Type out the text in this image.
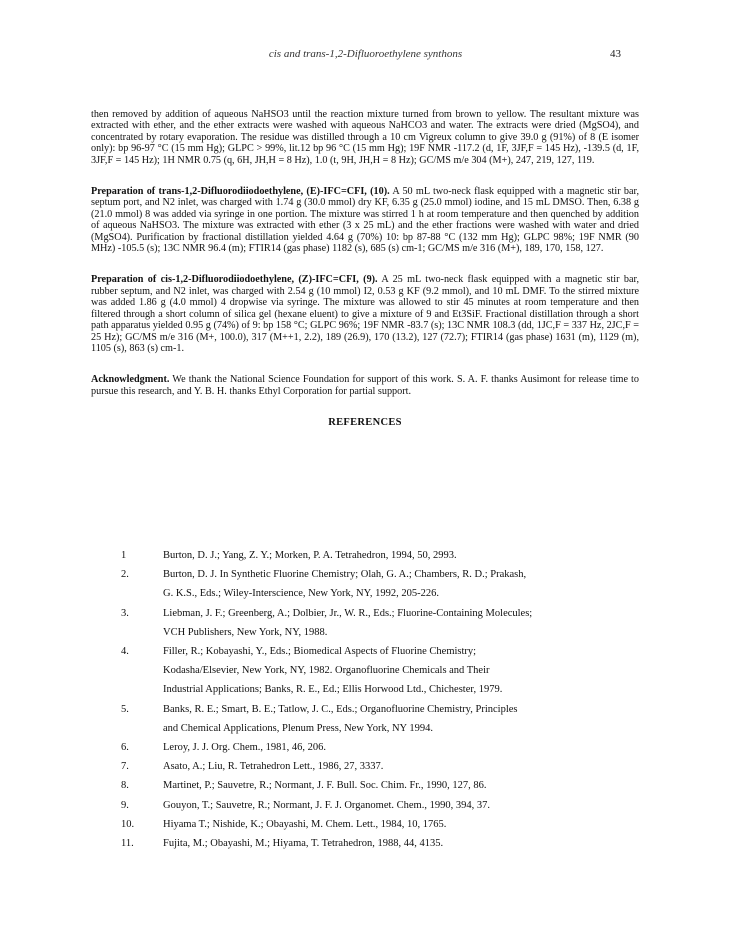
cis and trans-1,2-Difluoroethylene synthons	43

then removed by addition of aqueous NaHSO3 until the reaction mixture turned from brown to yellow. The resultant mixture was extracted with ether, and the ether extracts were washed with aqueous NaHCO3 and water. The extracts were dried (MgSO4), and concentrated by rotary evaporation. The residue was distilled through a 10 cm Vigreux column to give 39.0 g (91%) of 8 (E isomer only): bp 96-97 °C (15 mm Hg); GLPC > 99%, lit.12 bp 96 °C (15 mm Hg); 19F NMR -117.2 (d, 1F, 3JF,F = 145 Hz), -139.5 (d, 1F, 3JF,F = 145 Hz); 1H NMR 0.75 (q, 6H, JH,H = 8 Hz), 1.0 (t, 9H, JH,H = 8 Hz); GC/MS m/e 304 (M+), 247, 219, 127, 119.

Preparation of trans-1,2-Difluorodiiodoethylene, (E)-IFC=CFI, (10). A 50 mL two-neck flask equipped with a magnetic stir bar, septum port, and N2 inlet, was charged with 1.74 g (30.0 mmol) dry KF, 6.35 g (25.0 mmol) iodine, and 15 mL DMSO. Then, 6.38 g (21.0 mmol) 8 was added via syringe in one portion. The mixture was stirred 1 h at room temperature and then quenched by addition of aqueous NaHSO3. The mixture was extracted with ether (3 x 25 mL) and the ether fractions were washed with water and dried (MgSO4). Purification by fractional distillation yielded 4.64 g (70%) 10: bp 87-88 °C (132 mm Hg); GLPC 98%; 19F NMR (90 MHz) -105.5 (s); 13C NMR 96.4 (m); FTIR14 (gas phase) 1182 (s), 685 (s) cm-1; GC/MS m/e 316 (M+), 189, 170, 158, 127.

Preparation of cis-1,2-Difluorodiiodoethylene, (Z)-IFC=CFI, (9). A 25 mL two-neck flask equipped with a magnetic stir bar, rubber septum, and N2 inlet, was charged with 2.54 g (10 mmol) I2, 0.53 g KF (9.2 mmol), and 10 mL DMF. To the stirred mixture was added 1.86 g (4.0 mmol) 4 dropwise via syringe. The mixture was allowed to stir 45 minutes at room temperature and then filtered through a short column of silica gel (hexane eluent) to give a mixture of 9 and Et3SiF. Fractional distillation through a short path apparatus yielded 0.95 g (74%) of 9: bp 158 °C; GLPC 96%; 19F NMR -83.7 (s); 13C NMR 108.3 (dd, 1JC,F = 337 Hz, 2JC,F = 25 Hz); GC/MS m/e 316 (M+, 100.0), 317 (M++1, 2.2), 189 (26.9), 170 (13.2), 127 (72.7); FTIR14 (gas phase) 1631 (m), 1129 (m), 1105 (s), 863 (s) cm-1.

Acknowledgment. We thank the National Science Foundation for support of this work. S. A. F. thanks Ausimont for release time to pursue this research, and Y. B. H. thanks Ethyl Corporation for partial support.

REFERENCES
1	Burton, D. J.; Yang, Z. Y.; Morken, P. A. Tetrahedron, 1994, 50, 2993.
2.	Burton, D. J. In Synthetic Fluorine Chemistry; Olah, G. A.; Chambers, R. D.; Prakash,
G. K.S., Eds.; Wiley-Interscience, New York, NY, 1992, 205-226.
3.	Liebman, J. F.; Greenberg, A.; Dolbier, Jr., W. R., Eds.; Fluorine-Containing Molecules;
VCH Publishers, New York, NY, 1988.
4.	Filler, R.; Kobayashi, Y., Eds.; Biomedical Aspects of Fluorine Chemistry;
Kodasha/Elsevier, New York, NY, 1982. Organofluorine Chemicals and Their
Industrial Applications; Banks, R. E., Ed.; Ellis Horwood Ltd., Chichester, 1979.
5.	Banks, R. E.; Smart, B. E.; Tatlow, J. C., Eds.; Organofluorine Chemistry, Principles
and Chemical Applications, Plenum Press, New York, NY 1994.
6.	Leroy, J. J. Org. Chem., 1981, 46, 206.
7.	Asato, A.; Liu, R. Tetrahedron Lett., 1986, 27, 3337.
8.	Martinet, P.; Sauvetre, R.; Normant, J. F. Bull. Soc. Chim. Fr., 1990, 127, 86.
9.	Gouyon, T.; Sauvetre, R.; Normant, J. F. J. Organomet. Chem., 1990, 394, 37.
10.	Hiyama T.; Nishide, K.; Obayashi, M. Chem. Lett., 1984, 10, 1765.
11.	Fujita, M.; Obayashi, M.; Hiyama, T. Tetrahedron, 1988, 44, 4135.
